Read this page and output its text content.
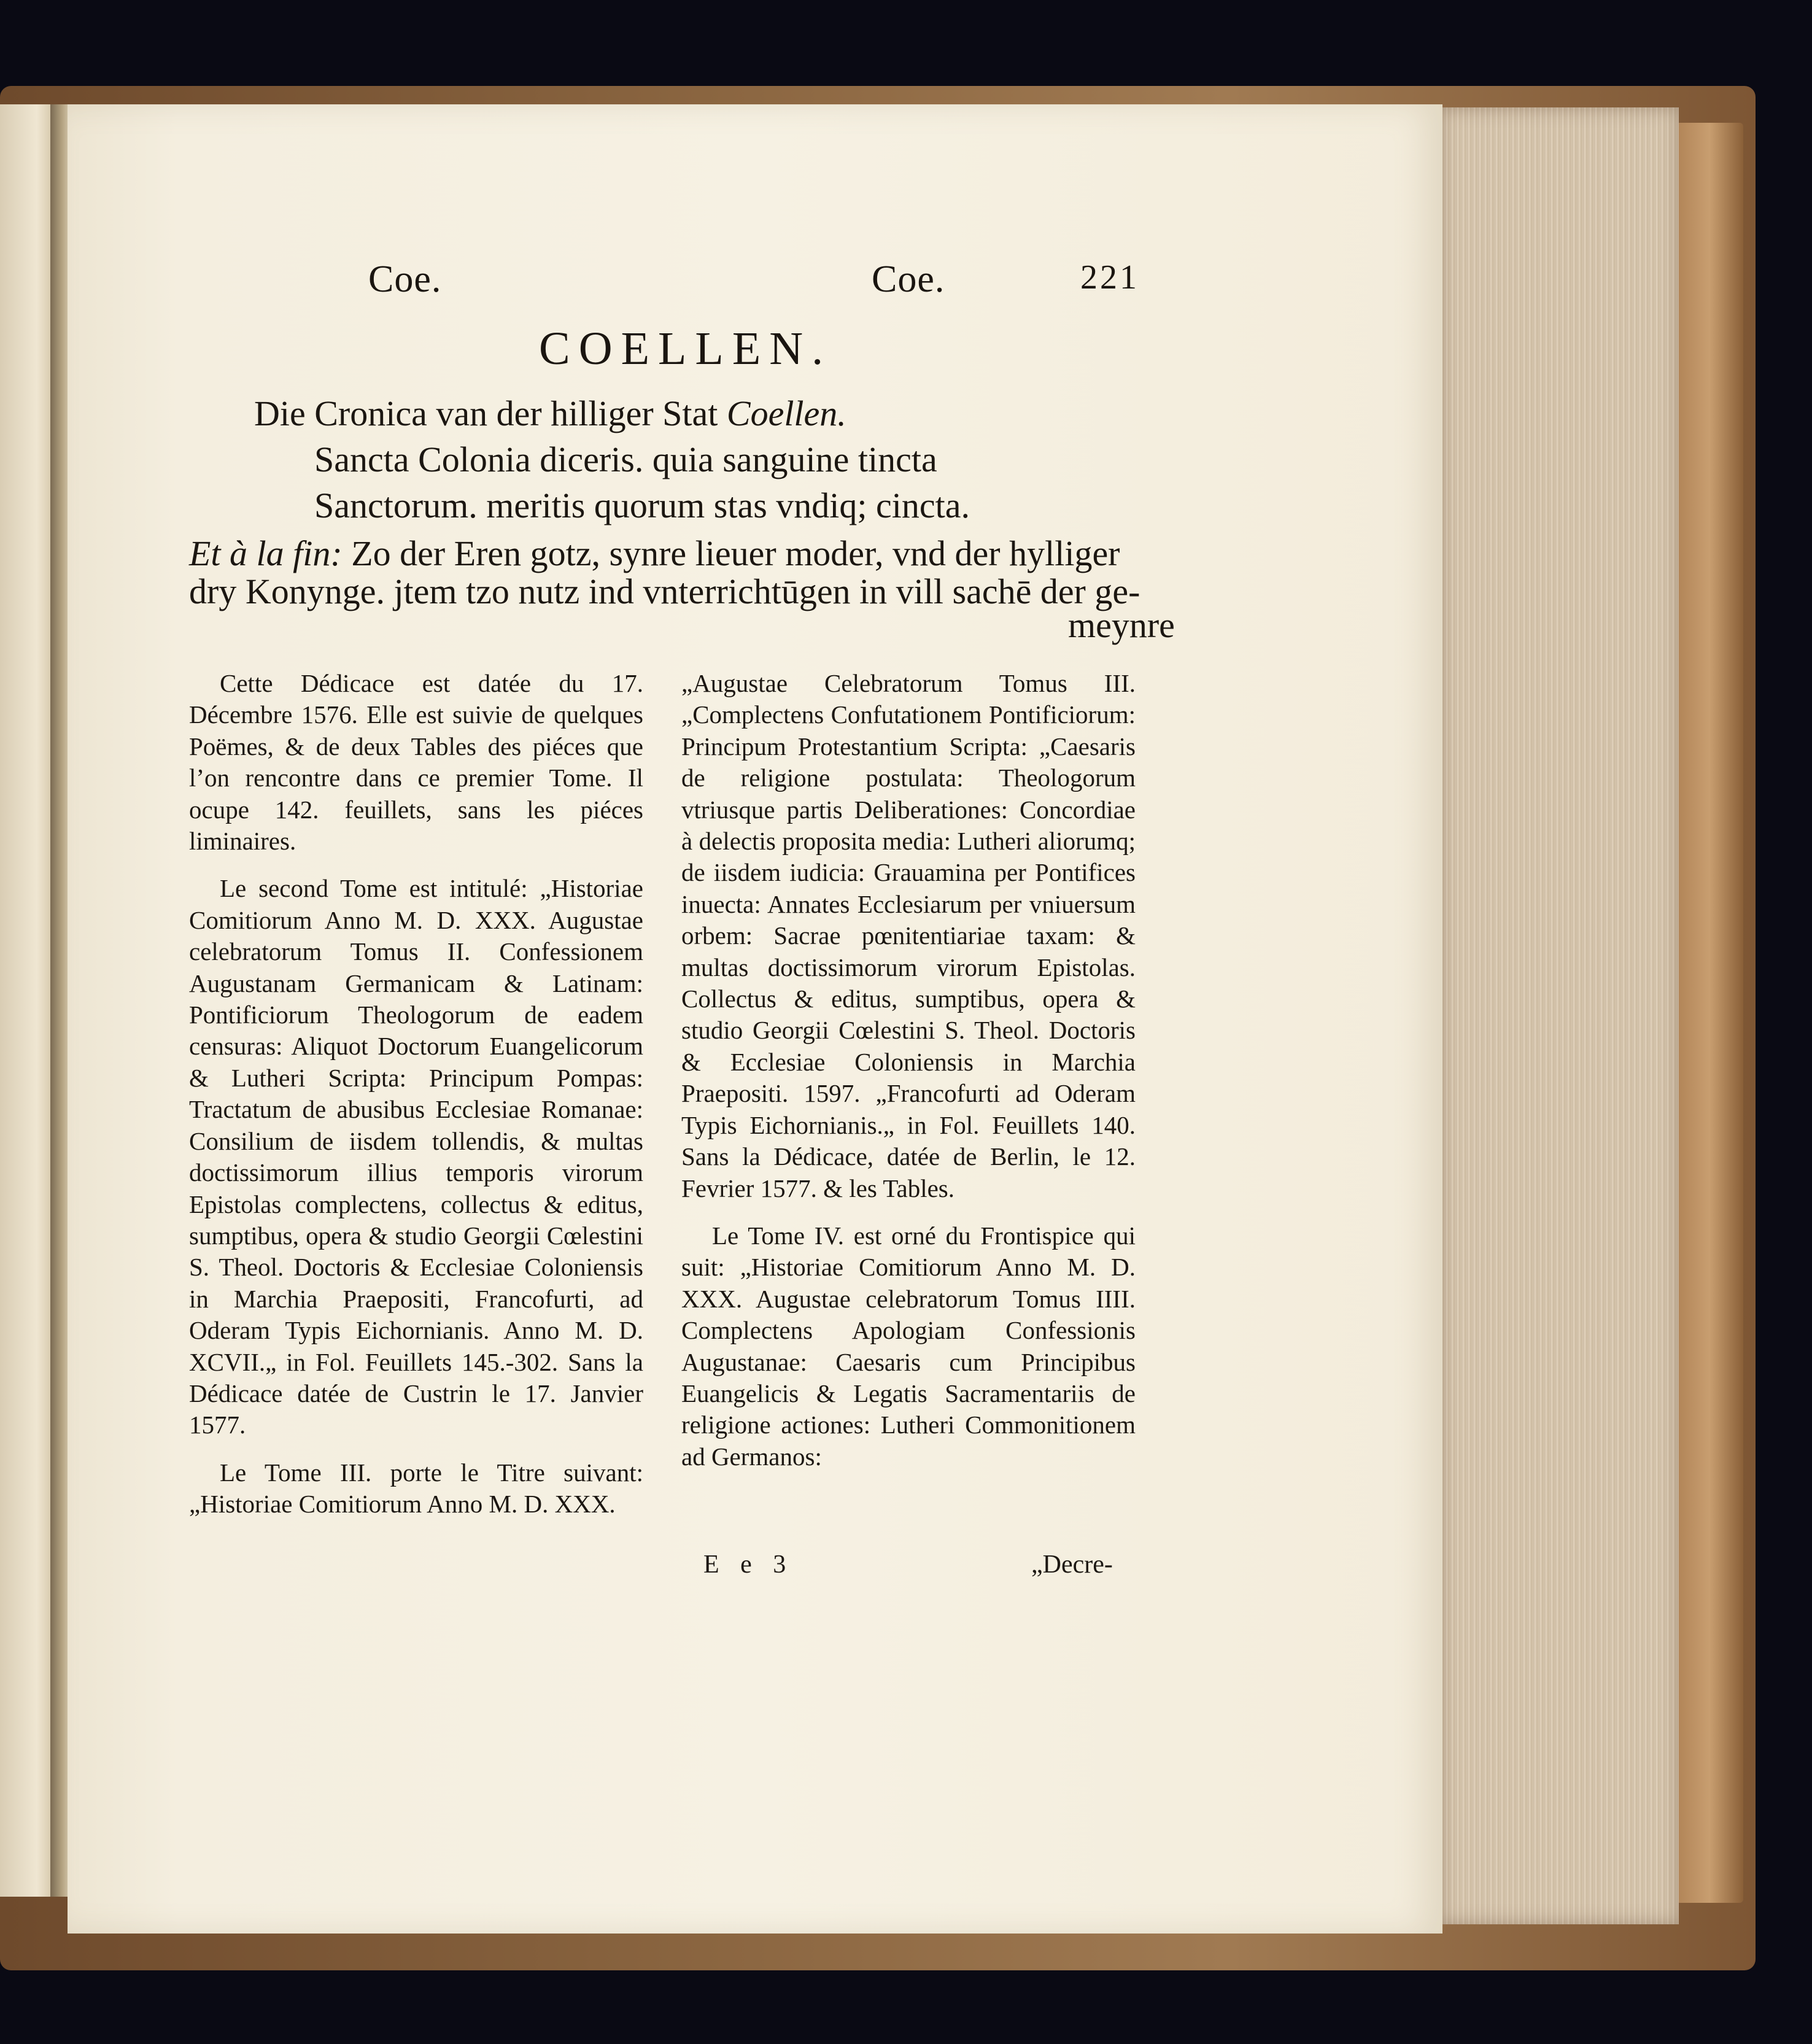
Coe.	Coe.	221
COELLEN.
Die Cronica van der hilliger Stat Coellen.
Sancta Colonia diceris. quia sanguine tincta
Sanctorum. meritis quorum stas vndiq; cincta.
Et à la fin: Zo der Eren gotz, synre lieuer moder, vnd der hylliger
dry Konynge. jtem tzo nutz ind vnterrichtūgen in vill sachē der ge-
meynre

Cette Dédicace est datée du 17. Décembre 1576. Elle est suivie de quelques Poëmes, & de deux Tables des piéces que l’on rencontre dans ce premier Tome. Il ocupe 142. feuillets, sans les piéces liminaires.

Le second Tome est intitulé: „Historiae Comitiorum Anno M. D. XXX. Augustae celebratorum Tomus II. Confessionem Augustanam Germanicam & Latinam: Pontificiorum Theologorum de eadem censuras: Aliquot Doctorum Euangelicorum & Lutheri Scripta: Principum Pompas: Tractatum de abusibus Ecclesiae Romanae: Consilium de iisdem tollendis, & multas doctissimorum illius temporis virorum Epistolas complectens, collectus & editus, sumptibus, opera & studio Georgii Cœlestini S. Theol. Doctoris & Ecclesiae Coloniensis in Marchia Praepositi, Francofurti, ad Oderam Typis Eichornianis. Anno M. D. XCVII.„ in Fol. Feuillets 145.-302. Sans la Dédicace datée de Custrin le 17. Janvier 1577.

Le Tome III. porte le Titre suivant: „Historiae Comitiorum Anno M. D. XXX.

„Augustae Celebratorum Tomus III. „Complectens Confutationem Pontificiorum: Principum Protestantium Scripta: „Caesaris de religione postulata: Theologorum vtriusque partis Deliberationes: Concordiae à delectis proposita media: Lutheri aliorumq; de iisdem iudicia: Grauamina per Pontifices inuecta: Annates Ecclesiarum per vniuersum orbem: Sacrae pœnitentiariae taxam: & multas doctissimorum virorum Epistolas. Collectus & editus, sumptibus, opera & studio Georgii Cœlestini S. Theol. Doctoris & Ecclesiae Coloniensis in Marchia Praepositi. 1597. „Francofurti ad Oderam Typis Eichornianis.„ in Fol. Feuillets 140. Sans la Dédicace, datée de Berlin, le 12. Fevrier 1577. & les Tables.

Le Tome IV. est orné du Frontispice qui suit: „Historiae Comitiorum Anno M. D. XXX. Augustae celebratorum Tomus IIII. Complectens Apologiam Confessionis Augustanae: Caesaris cum Principibus Euangelicis & Legatis Sacramentariis de religione actiones: Lutheri Commonitionem ad Germanos:

E e 3	„Decre-
